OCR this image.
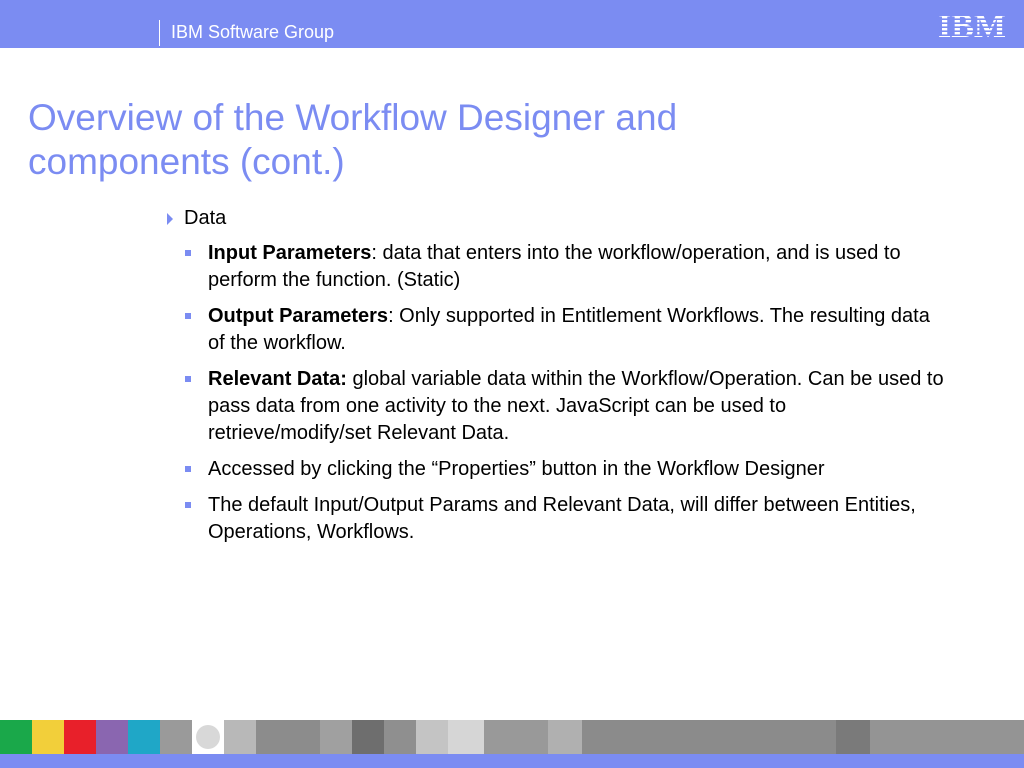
IBM Software Group	IBM
Overview of the Workflow Designer and
components (cont.)
Data
Input Parameters: data that enters into the workflow/operation, and is used to perform the function. (Static)
Output Parameters: Only supported in Entitlement Workflows. The resulting data of the workflow.
Relevant Data: global variable data within the Workflow/Operation. Can be used to pass data from one activity to the next. JavaScript can be used to retrieve/modify/set Relevant Data.
Accessed by clicking the “Properties” button in the Workflow Designer
The default Input/Output Params and Relevant Data, will differ between Entities, Operations, Workflows.
